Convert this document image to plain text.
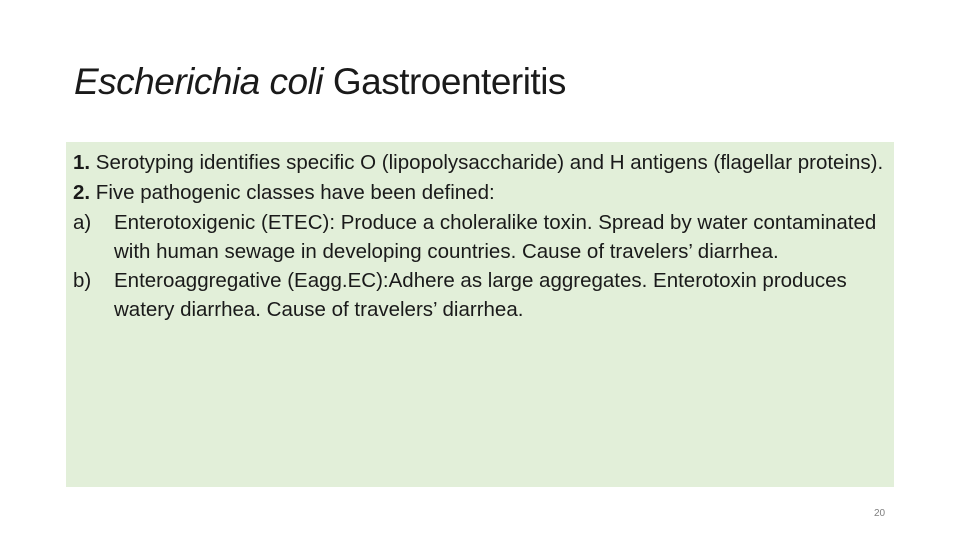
Escherichia coli Gastroenteritis

1. Serotyping identifies specific O (lipopolysaccharide) and H antigens (flagellar proteins).

2. Five pathogenic classes have been defined:

a) Enterotoxigenic (ETEC): Produce a choleralike toxin. Spread by water contaminated with human sewage in developing countries. Cause of travelers’ diarrhea.

b) Enteroaggregative (Eagg.EC):Adhere as large aggregates. Enterotoxin produces watery diarrhea. Cause of travelers’ diarrhea.

20
